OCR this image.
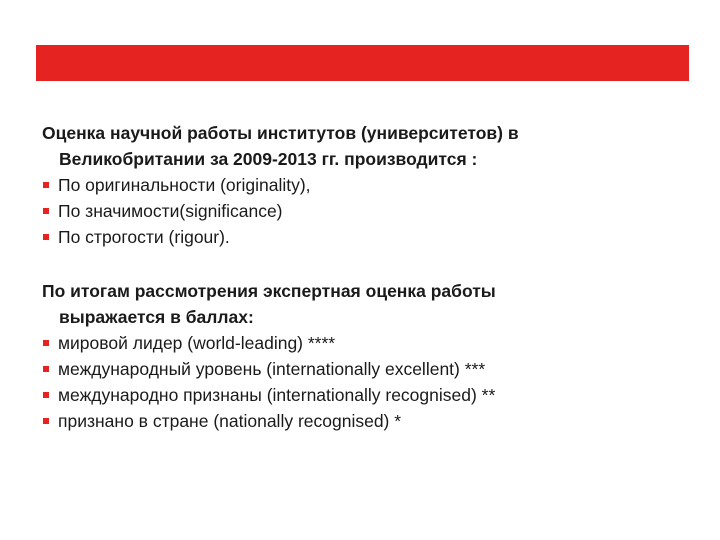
Оценка научной работы институтов (университетов) в
Великобритании за 2009-2013 гг. производится :

По оригинальности (originality),
По значимости(significance)
По строгости (rigour).

По итогам рассмотрения экспертная оценка работы
выражается в баллах:

мировой лидер (world-leading) ****
международный уровень (internationally excellent) ***
международно признаны (internationally recognised) **
признано в стране (nationally recognised) *
